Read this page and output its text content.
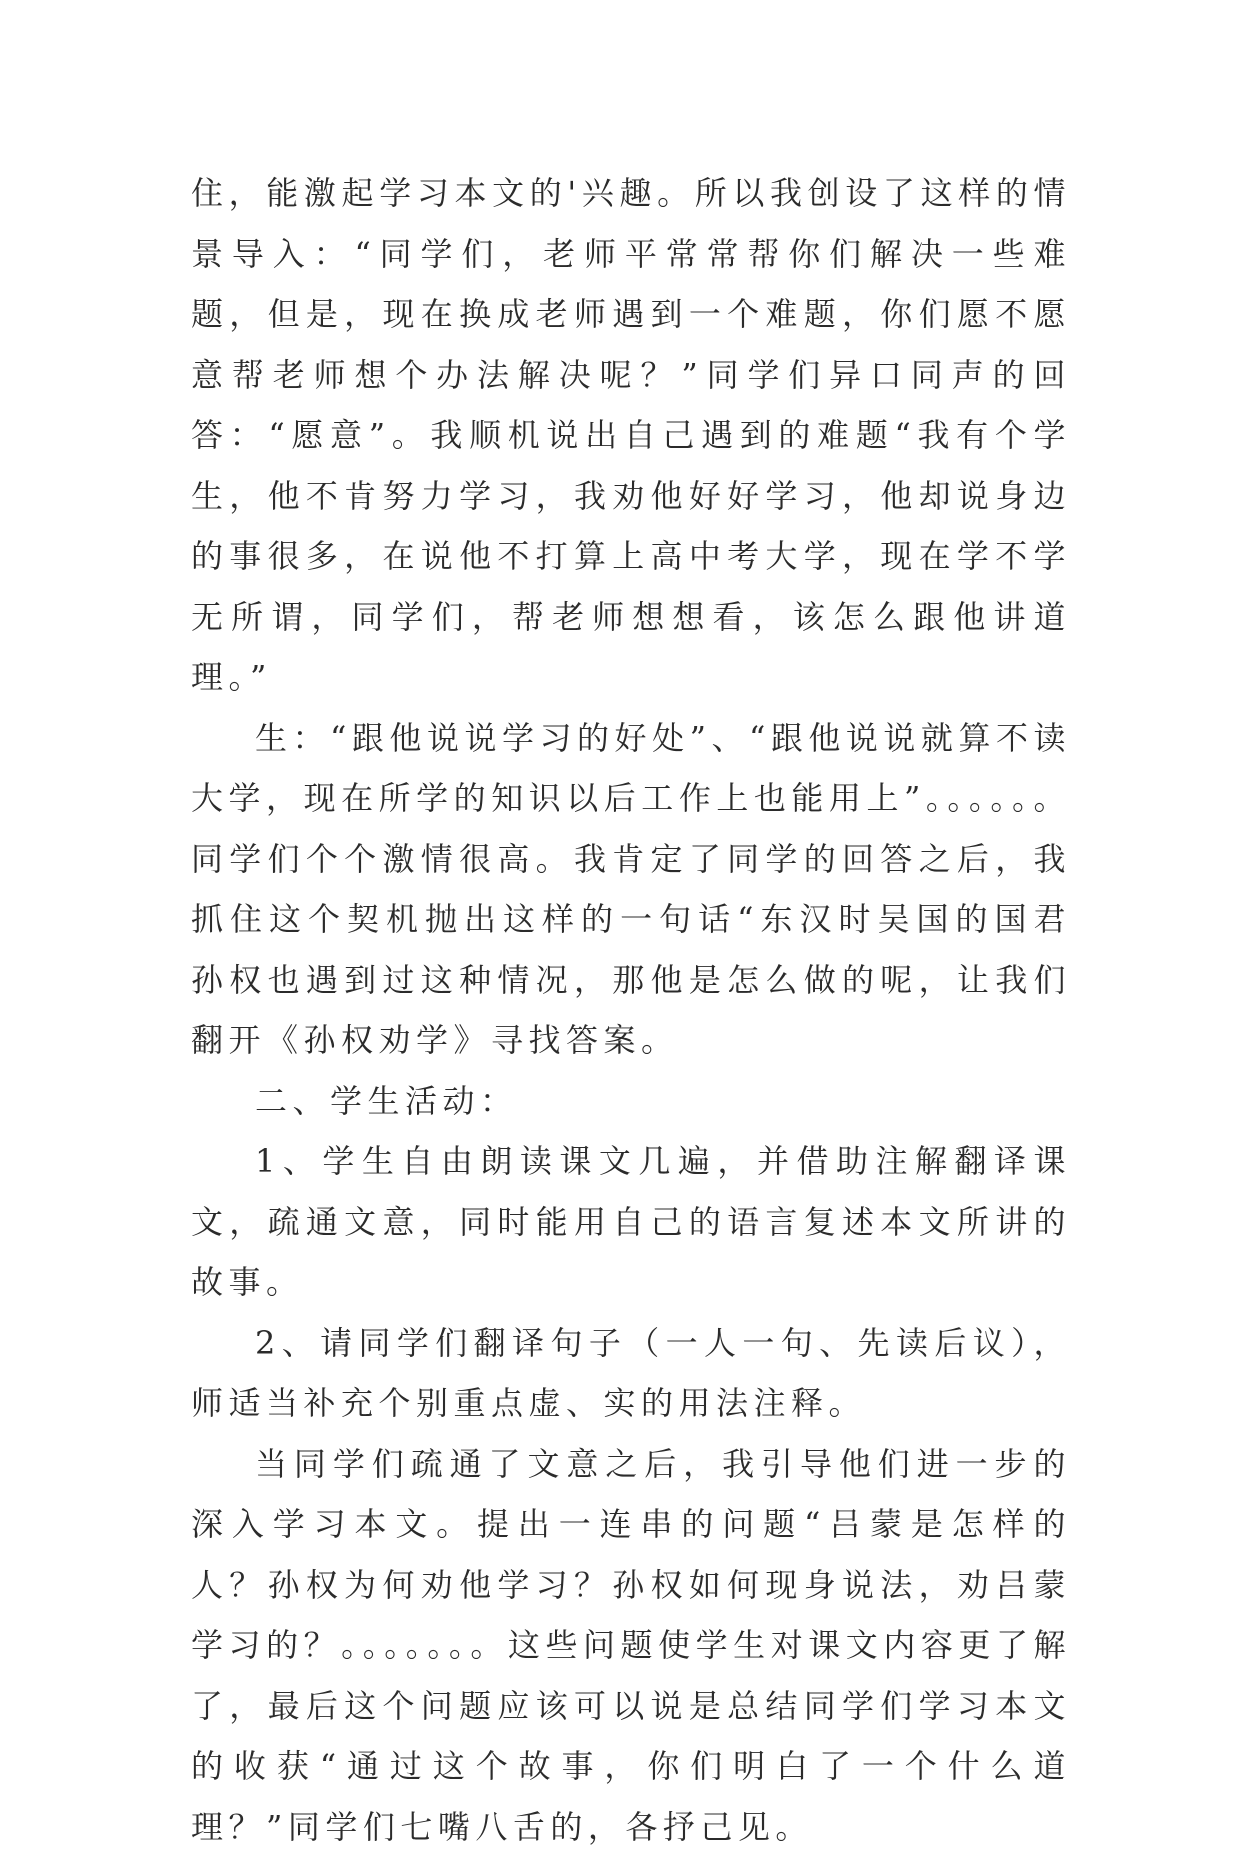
住，能激起学习本文的'兴趣。所以我创设了这样的情景导入：“同学们，老师平常常帮你们解决一些难题，但是，现在换成老师遇到一个难题，你们愿不愿意帮老师想个办法解决呢？”同学们异口同声的回答：“愿意”。我顺机说出自己遇到的难题“我有个学生，他不肯努力学习，我劝他好好学习，他却说身边的事很多，在说他不打算上高中考大学，现在学不学无所谓，同学们，帮老师想想看，该怎么跟他讲道理。”

生：“跟他说说学习的好处”、“跟他说说就算不读大学，现在所学的知识以后工作上也能用上”。。。。。。同学们个个激情很高。我肯定了同学的回答之后，我抓住这个契机抛出这样的一句话“东汉时吴国的国君孙权也遇到过这种情况，那他是怎么做的呢，让我们翻开《孙权劝学》寻找答案。

二、学生活动：

1、学生自由朗读课文几遍，并借助注解翻译课文，疏通文意，同时能用自己的语言复述本文所讲的故事。

2、请同学们翻译句子（一人一句、先读后议），师适当补充个别重点虚、实的用法注释。

当同学们疏通了文意之后，我引导他们进一步的深入学习本文。提出一连串的问题“吕蒙是怎样的人？孙权为何劝他学习？孙权如何现身说法，劝吕蒙学习的？。。。。。。。这些问题使学生对课文内容更了解了，最后这个问题应该可以说是总结同学们学习本文的收获“通过这个故事，你们明白了一个什么道理？”同学们七嘴八舌的，各抒己见。
